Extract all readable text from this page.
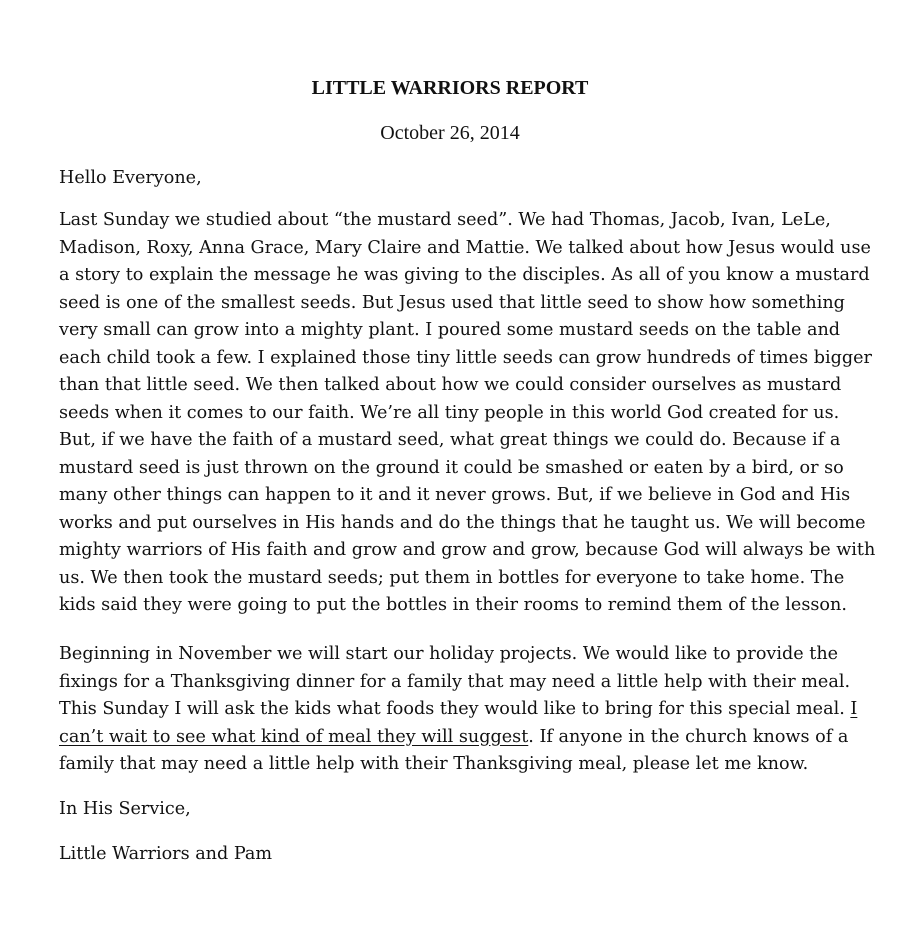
LITTLE WARRIORS REPORT
October 26, 2014

Hello Everyone,

Last Sunday we studied about “the mustard seed”. We had Thomas, Jacob, Ivan, LeLe,
Madison, Roxy, Anna Grace, Mary Claire and Mattie. We talked about how Jesus would use
a story to explain the message he was giving to the disciples. As all of you know a mustard
seed is one of the smallest seeds. But Jesus used that little seed to show how something
very small can grow into a mighty plant. I poured some mustard seeds on the table and
each child took a few. I explained those tiny little seeds can grow hundreds of times bigger
than that little seed. We then talked about how we could consider ourselves as mustard
seeds when it comes to our faith. We’re all tiny people in this world God created for us.
But, if we have the faith of a mustard seed, what great things we could do. Because if a
mustard seed is just thrown on the ground it could be smashed or eaten by a bird, or so
many other things can happen to it and it never grows. But, if we believe in God and His
works and put ourselves in His hands and do the things that he taught us. We will become
mighty warriors of His faith and grow and grow and grow, because God will always be with
us. We then took the mustard seeds; put them in bottles for everyone to take home. The
kids said they were going to put the bottles in their rooms to remind them of the lesson.
Beginning in November we will start our holiday projects. We would like to provide the
fixings for a Thanksgiving dinner for a family that may need a little help with their meal.
This Sunday I will ask the kids what foods they would like to bring for this special meal. I
can’t wait to see what kind of meal they will suggest. If anyone in the church knows of a
family that may need a little help with their Thanksgiving meal, please let me know.

In His Service,

Little Warriors and Pam
